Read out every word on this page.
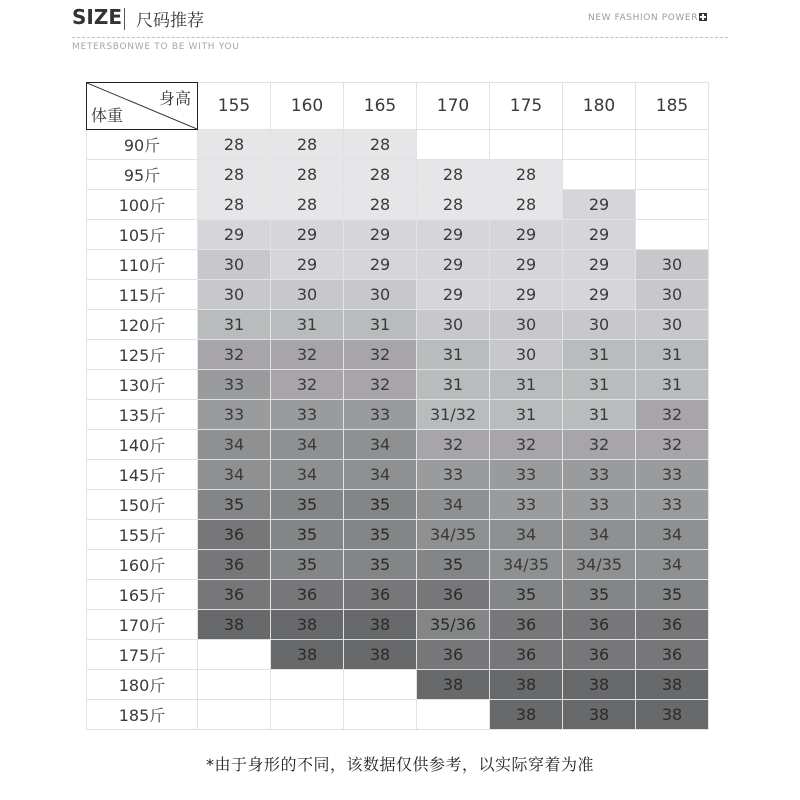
SIZE 尺码推荐	NEW FASHION POWER
METERSBONWE TO BE WITH YOU
身高
体重	155	160	165	170	175	180	185
90斤	28	28	28				
95斤	28	28	28	28	28		
100斤	28	28	28	28	28	29	
105斤	29	29	29	29	29	29	
110斤	30	29	29	29	29	29	30
115斤	30	30	30	29	29	29	30
120斤	31	31	31	30	30	30	30
125斤	32	32	32	31	30	31	31
130斤	33	32	32	31	31	31	31
135斤	33	33	33	31/32	31	31	32
140斤	34	34	34	32	32	32	32
145斤	34	34	34	33	33	33	33
150斤	35	35	35	34	33	33	33
155斤	36	35	35	34/35	34	34	34
160斤	36	35	35	35	34/35	34/35	34
165斤	36	36	36	36	35	35	35
170斤	38	38	38	35/36	36	36	36
175斤		38	38	36	36	36	36
180斤				38	38	38	38
185斤					38	38	38
*由于身形的不同，该数据仅供参考，以实际穿着为准
